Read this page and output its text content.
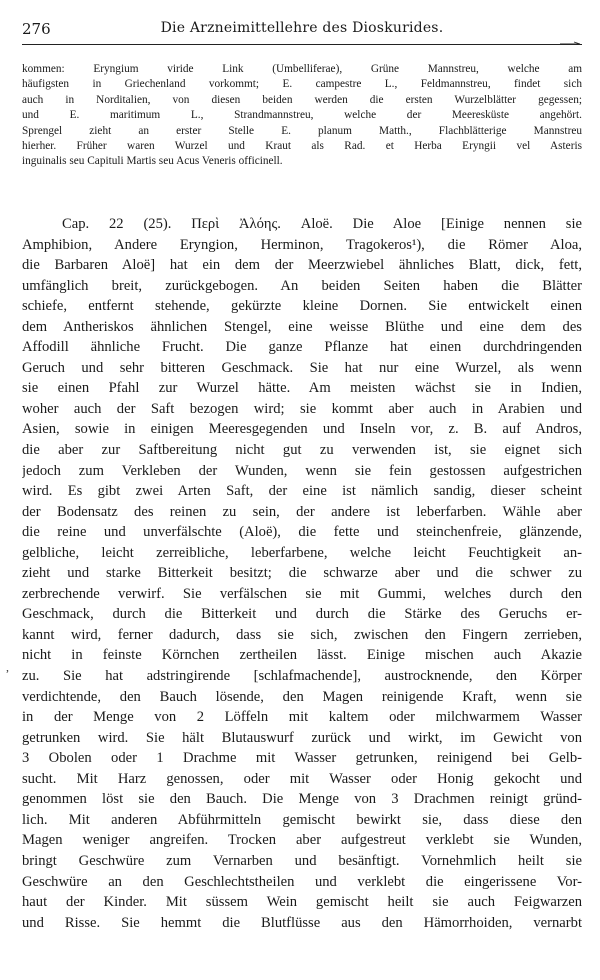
276	Die Arzneimittellehre des Dioskurides.
kommen: Eryngium viride Link (Umbelliferae), Grüne Mannstreu, welche am
häufigsten in Griechenland vorkommt; E. campestre L., Feldmannstreu, findet sich
auch in Norditalien, von diesen beiden werden die ersten Wurzelblätter gegessen;
und E. maritimum L., Strandmannstreu, welche der Meeresküste angehört.
Sprengel zieht an erster Stelle E. planum Matth., Flachblätterige Mannstreu
hierher. Früher waren Wurzel und Kraut als Rad. et Herba Eryngii vel Asteris
inguinalis seu Capituli Martis seu Acus Veneris officinell.
Cap. 22 (25). Περὶ Ἀλόης. Aloë. Die Aloe [Einige nennen sie
Amphibion, Andere Eryngion, Herminon, Tragokeros¹), die Römer Aloa,
die Barbaren Aloë] hat ein dem der Meerzwiebel ähnliches Blatt, dick, fett,
umfänglich breit, zurückgebogen. An beiden Seiten haben die Blätter
schiefe, entfernt stehende, gekürzte kleine Dornen. Sie entwickelt einen
dem Antheriskos ähnlichen Stengel, eine weisse Blüthe und eine dem des
Affodill ähnliche Frucht. Die ganze Pflanze hat einen durchdringenden
Geruch und sehr bitteren Geschmack. Sie hat nur eine Wurzel, als wenn
sie einen Pfahl zur Wurzel hätte. Am meisten wächst sie in Indien,
woher auch der Saft bezogen wird; sie kommt aber auch in Arabien und
Asien, sowie in einigen Meeresgegenden und Inseln vor, z. B. auf Andros,
die aber zur Saftbereitung nicht gut zu verwenden ist, sie eignet sich
jedoch zum Verkleben der Wunden, wenn sie fein gestossen aufgestrichen
wird. Es gibt zwei Arten Saft, der eine ist nämlich sandig, dieser scheint
der Bodensatz des reinen zu sein, der andere ist leberfarben. Wähle aber
die reine und unverfälschte (Aloë), die fette und steinchenfreie, glänzende,
gelbliche, leicht zerreibliche, leberfarbene, welche leicht Feuchtigkeit an-
zieht und starke Bitterkeit besitzt; die schwarze aber und die schwer zu
zerbrechende verwirf. Sie verfälschen sie mit Gummi, welches durch den
Geschmack, durch die Bitterkeit und durch die Stärke des Geruchs er-
kannt wird, ferner dadurch, dass sie sich, zwischen den Fingern zerrieben,
nicht in feinste Körnchen zertheilen lässt. Einige mischen auch Akazie
zu. Sie hat adstringirende [schlafmachende], austrocknende, den Körper
verdichtende, den Bauch lösende, den Magen reinigende Kraft, wenn sie
in der Menge von 2 Löffeln mit kaltem oder milchwarmem Wasser
getrunken wird. Sie hält Blutauswurf zurück und wirkt, im Gewicht von
3 Obolen oder 1 Drachme mit Wasser getrunken, reinigend bei Gelb-
sucht. Mit Harz genossen, oder mit Wasser oder Honig gekocht und
genommen löst sie den Bauch. Die Menge von 3 Drachmen reinigt gründ-
lich. Mit anderen Abführmitteln gemischt bewirkt sie, dass diese den
Magen weniger angreifen. Trocken aber aufgestreut verklebt sie Wunden,
bringt Geschwüre zum Vernarben und besänftigt. Vornehmlich heilt sie
Geschwüre an den Geschlechtstheilen und verklebt die eingerissene Vor-
haut der Kinder. Mit süssem Wein gemischt heilt sie auch Feigwarzen
und Risse. Sie hemmt die Blutflüsse aus den Hämorrhoiden, vernarbt
,
